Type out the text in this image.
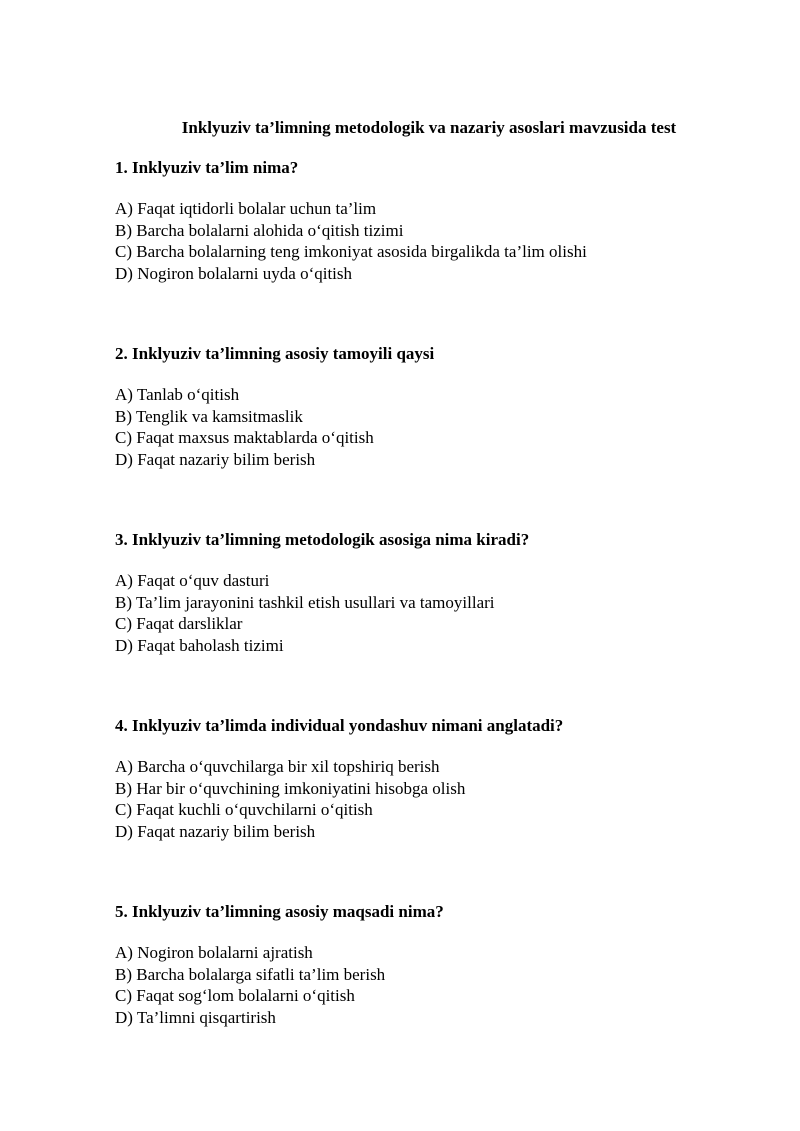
Inklyuziv ta’limning metodologik va nazariy asoslari mavzusida test
1. Inklyuziv ta’lim nima?
A) Faqat iqtidorli bolalar uchun ta’lim
B) Barcha bolalarni alohida o‘qitish tizimi
C) Barcha bolalarning teng imkoniyat asosida birgalikda ta’lim olishi
D) Nogiron bolalarni uyda o‘qitish
2. Inklyuziv ta’limning asosiy tamoyili qaysi
A) Tanlab o‘qitish
B) Tenglik va kamsitmaslik
C) Faqat maxsus maktablarda o‘qitish
D) Faqat nazariy bilim berish
3. Inklyuziv ta’limning metodologik asosiga nima kiradi?
A) Faqat o‘quv dasturi
B) Ta’lim jarayonini tashkil etish usullari va tamoyillari
C) Faqat darsliklar
D) Faqat baholash tizimi
4. Inklyuziv ta’limda individual yondashuv nimani anglatadi?
A) Barcha o‘quvchilarga bir xil topshiriq berish
B) Har bir o‘quvchining imkoniyatini hisobga olish
C) Faqat kuchli o‘quvchilarni o‘qitish
D) Faqat nazariy bilim berish
5. Inklyuziv ta’limning asosiy maqsadi nima?
A) Nogiron bolalarni ajratish
B) Barcha bolalarga sifatli ta’lim berish
C) Faqat sog‘lom bolalarni o‘qitish
D) Ta’limni qisqartirish
